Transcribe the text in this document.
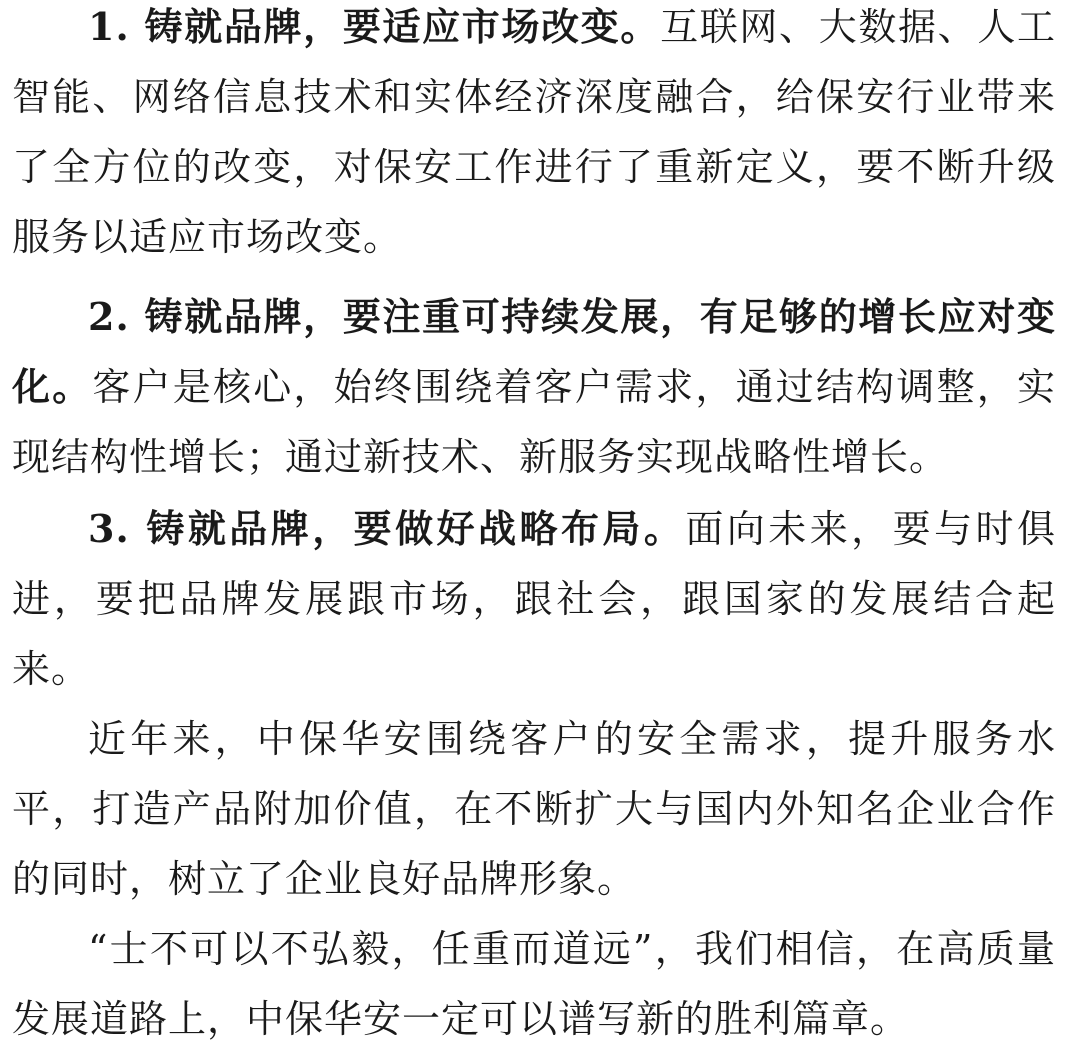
1. 铸就品牌，要适应市场改变。互联网、大数据、人工智能、网络信息技术和实体经济深度融合，给保安行业带来了全方位的改变，对保安工作进行了重新定义，要不断升级服务以适应市场改变。

2. 铸就品牌，要注重可持续发展，有足够的增长应对变化。客户是核心，始终围绕着客户需求，通过结构调整，实现结构性增长；通过新技术、新服务实现战略性增长。

3. 铸就品牌，要做好战略布局。面向未来，要与时俱进，要把品牌发展跟市场，跟社会，跟国家的发展结合起来。

近年来，中保华安围绕客户的安全需求，提升服务水平，打造产品附加价值，在不断扩大与国内外知名企业合作的同时，树立了企业良好品牌形象。

“士不可以不弘毅，任重而道远”，我们相信，在高质量发展道路上，中保华安一定可以谱写新的胜利篇章。
